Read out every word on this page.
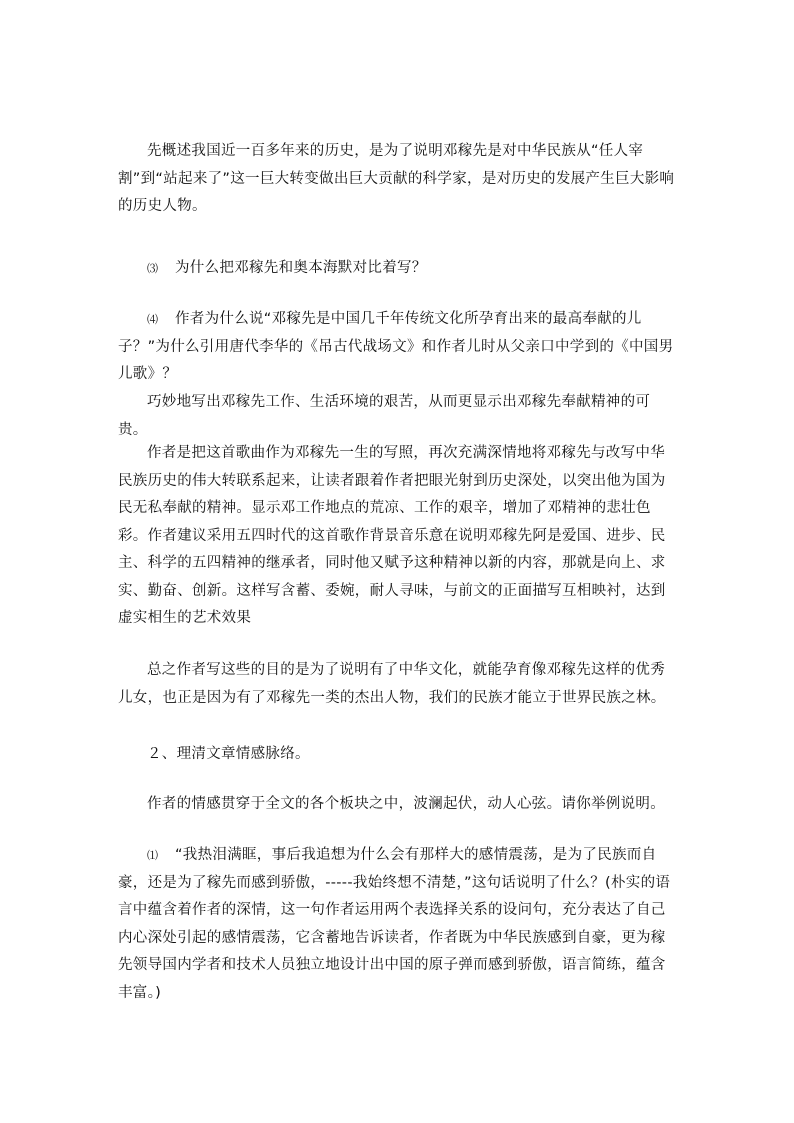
先概述我国近一百多年来的历史，是为了说明邓稼先是对中华民族从“任人宰割”到“站起来了”这一巨大转变做出巨大贡献的科学家，是对历史的发展产生巨大影响的历史人物。

⑶ 为什么把邓稼先和奥本海默对比着写？

⑷ 作者为什么说“邓稼先是中国几千年传统文化所孕育出来的最高奉献的儿子？”为什么引用唐代李华的《吊古代战场文》和作者儿时从父亲口中学到的《中国男儿歌》？

巧妙地写出邓稼先工作、生活环境的艰苦，从而更显示出邓稼先奉献精神的可贵。

作者是把这首歌曲作为邓稼先一生的写照，再次充满深情地将邓稼先与改写中华民族历史的伟大转联系起来，让读者跟着作者把眼光射到历史深处，以突出他为国为民无私奉献的精神。显示邓工作地点的荒凉、工作的艰辛，增加了邓精神的悲壮色彩。作者建议采用五四时代的这首歌作背景音乐意在说明邓稼先阿是爱国、进步、民主、科学的五四精神的继承者，同时他又赋予这种精神以新的内容，那就是向上、求实、勤奋、创新。这样写含蓄、委婉，耐人寻味，与前文的正面描写互相映衬，达到虚实相生的艺术效果

总之作者写这些的目的是为了说明有了中华文化，就能孕育像邓稼先这样的优秀儿女，也正是因为有了邓稼先一类的杰出人物，我们的民族才能立于世界民族之林。

２、理清文章情感脉络。

作者的情感贯穿于全文的各个板块之中，波澜起伏，动人心弦。请你举例说明。

⑴ “我热泪满眶，事后我追想为什么会有那样大的感情震荡，是为了民族而自豪，还是为了稼先而感到骄傲，-----我始终想不清楚，”这句话说明了什么？(朴实的语言中蕴含着作者的深情，这一句作者运用两个表选择关系的设问句，充分表达了自己内心深处引起的感情震荡，它含蓄地告诉读者，作者既为中华民族感到自豪，更为稼先领导国内学者和技术人员独立地设计出中国的原子弹而感到骄傲，语言简练，蕴含丰富。)
